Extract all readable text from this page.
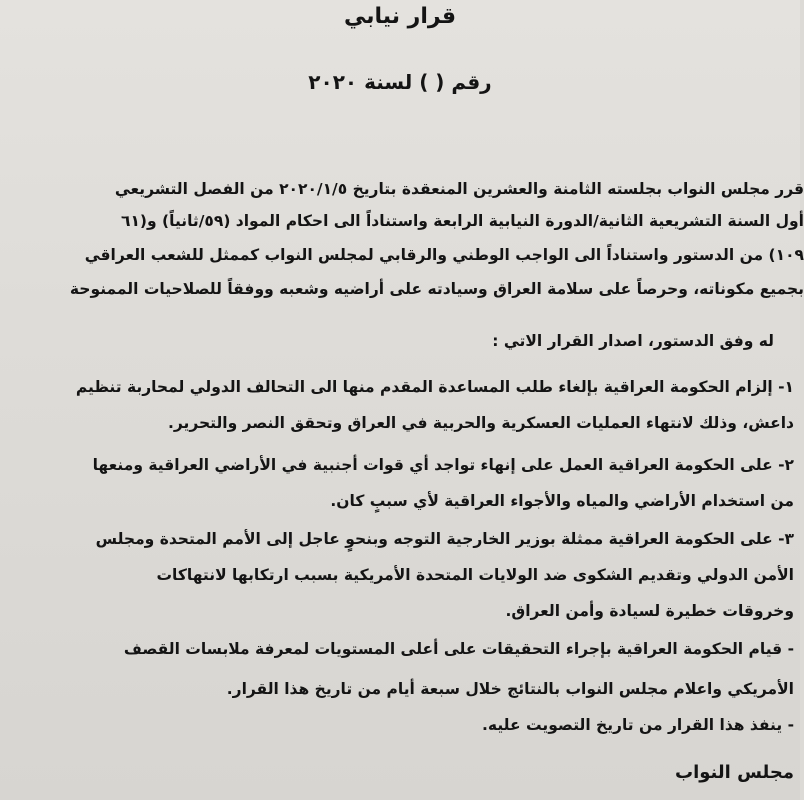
قرار نيابي
رقم ( ) لسنة ٢٠٢٠
قرر مجلس النواب بجلسته الثامنة والعشرين المنعقدة بتاريخ ٢٠٢٠/١/٥ من الفصل التشريعي
أول السنة التشريعية الثانية/الدورة النيابية الرابعة واستناداً الى احكام المواد (٥٩/ثانياً) و(٦١
١٠٩) من الدستور واستناداً الى الواجب الوطني والرقابي لمجلس النواب كممثل للشعب العراقي
بجميع مكوناته، وحرصاً على سلامة العراق وسيادته على أراضيه وشعبه ووفقاً للصلاحيات الممنوحة
له وفق الدستور، اصدار القرار الاتي :
١- إلزام الحكومة العراقية بإلغاء طلب المساعدة المقدم منها الى التحالف الدولي لمحاربة تنظيم
داعش، وذلك لانتهاء العمليات العسكرية والحربية في العراق وتحقق النصر والتحرير.
٢- على الحكومة العراقية العمل على إنهاء تواجد أي قوات أجنبية في الأراضي العراقية ومنعها
من استخدام الأراضي والمياه والأجواء العراقية لأي سببٍ كان.
٣- على الحكومة العراقية ممثلة بوزير الخارجية التوجه وبنحوٍ عاجل إلى الأمم المتحدة ومجلس
الأمن الدولي وتقديم الشكوى ضد الولايات المتحدة الأمريكية بسبب ارتكابها لانتهاكات
وخروقات خطيرة لسيادة وأمن العراق.
- قيام الحكومة العراقية بإجراء التحقيقات على أعلى المستويات لمعرفة ملابسات القصف
الأمريكي واعلام مجلس النواب بالنتائج خلال سبعة أيام من تاريخ هذا القرار.
- ينفذ هذا القرار من تاريخ التصويت عليه.
مجلس النواب
